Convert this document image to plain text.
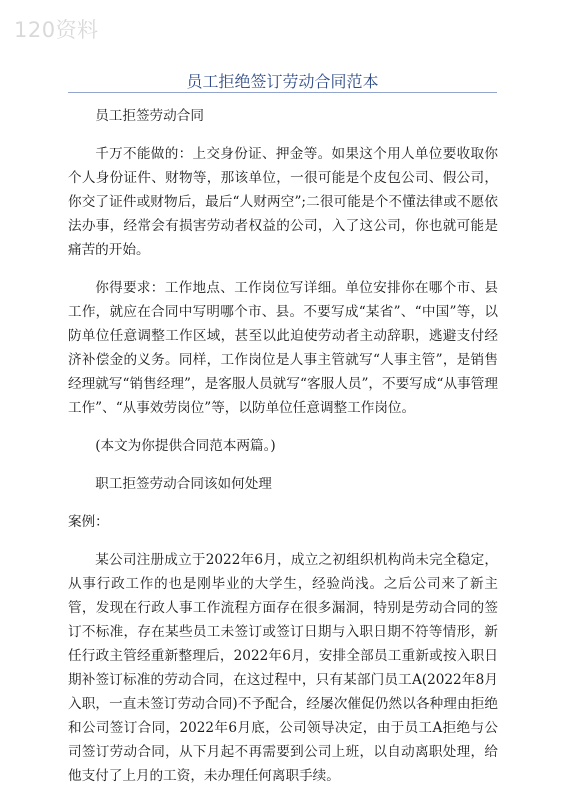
120资料
员工拒绝签订劳动合同范本

员工拒签劳动合同

千万不能做的：上交身份证、押金等。如果这个用人单位要收取你个人身份证件、财物等，那该单位，一很可能是个皮包公司、假公司，你交了证件或财物后，最后“人财两空”;二很可能是个不懂法律或不愿依法办事，经常会有损害劳动者权益的公司，入了这公司，你也就可能是痛苦的开始。

你得要求：工作地点、工作岗位写详细。单位安排你在哪个市、县工作，就应在合同中写明哪个市、县。不要写成“某省”、“中国”等，以防单位任意调整工作区域，甚至以此迫使劳动者主动辞职，逃避支付经济补偿金的义务。同样，工作岗位是人事主管就写“人事主管”，是销售经理就写“销售经理”，是客服人员就写“客服人员”，不要写成“从事管理工作”、“从事效劳岗位”等，以防单位任意调整工作岗位。

(本文为你提供合同范本两篇。)

职工拒签劳动合同该如何处理

案例：

某公司注册成立于2022年6月，成立之初组织机构尚未完全稳定，从事行政工作的也是刚毕业的大学生，经验尚浅。之后公司来了新主管，发现在行政人事工作流程方面存在很多漏洞，特别是劳动合同的签订不标准，存在某些员工未签订或签订日期与入职日期不符等情形，新任行政主管经重新整理后，2022年6月，安排全部员工重新或按入职日期补签订标准的劳动合同，在这过程中，只有某部门员工A(2022年8月入职，一直未签订劳动合同)不予配合，经屡次催促仍然以各种理由拒绝和公司签订合同，2022年6月底，公司领导决定，由于员工A拒绝与公司签订劳动合同，从下月起不再需要到公司上班，以自动离职处理，给他支付了上月的工资，未办理任何离职手续。
